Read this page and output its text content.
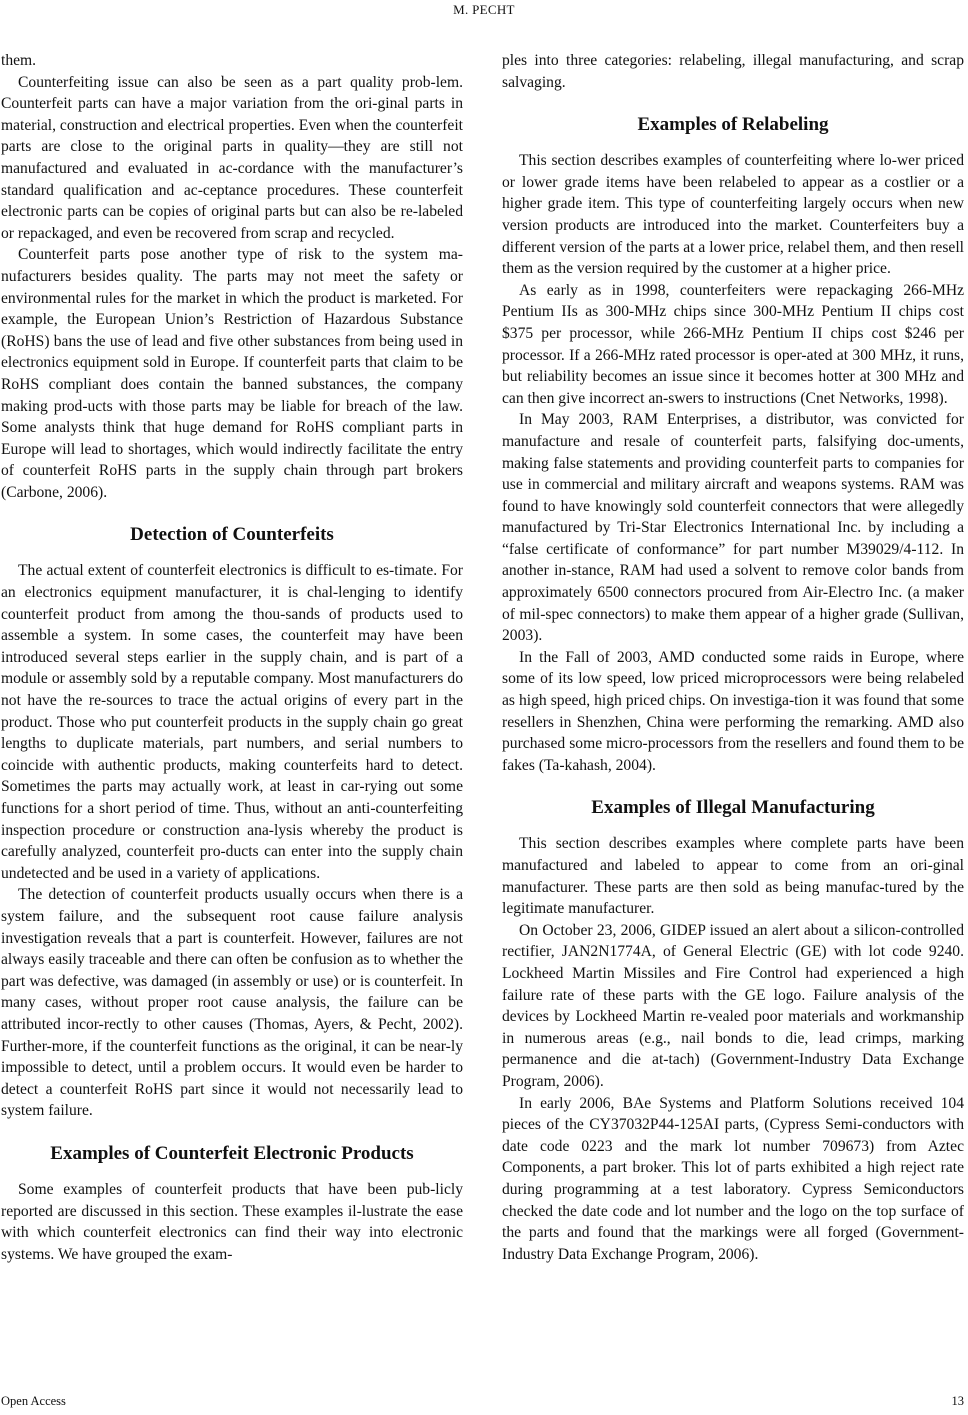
M. PECHT

them.

Counterfeiting issue can also be seen as a part quality prob-lem. Counterfeit parts can have a major variation from the ori-ginal parts in material, construction and electrical properties. Even when the counterfeit parts are close to the original parts in quality—they are still not manufactured and evaluated in ac-cordance with the manufacturer’s standard qualification and ac-ceptance procedures. These counterfeit electronic parts can be copies of original parts but can also be re-labeled or repackaged, and even be recovered from scrap and recycled.

Counterfeit parts pose another type of risk to the system ma-nufacturers besides quality. The parts may not meet the safety or environmental rules for the market in which the product is marketed. For example, the European Union’s Restriction of Hazardous Substance (RoHS) bans the use of lead and five other substances from being used in electronics equipment sold in Europe. If counterfeit parts that claim to be RoHS compliant does contain the banned substances, the company making prod-ucts with those parts may be liable for breach of the law. Some analysts think that huge demand for RoHS compliant parts in Europe will lead to shortages, which would indirectly facilitate the entry of counterfeit RoHS parts in the supply chain through part brokers (Carbone, 2006).

Detection of Counterfeits

The actual extent of counterfeit electronics is difficult to es-timate. For an electronics equipment manufacturer, it is chal-lenging to identify counterfeit product from among the thou-sands of products used to assemble a system. In some cases, the counterfeit may have been introduced several steps earlier in the supply chain, and is part of a module or assembly sold by a reputable company. Most manufacturers do not have the re-sources to trace the actual origins of every part in the product. Those who put counterfeit products in the supply chain go great lengths to duplicate materials, part numbers, and serial numbers to coincide with authentic products, making counterfeits hard to detect. Sometimes the parts may actually work, at least in car-rying out some functions for a short period of time. Thus, without an anti-counterfeiting inspection procedure or construction ana-lysis whereby the product is carefully analyzed, counterfeit pro-ducts can enter into the supply chain undetected and be used in a variety of applications.

The detection of counterfeit products usually occurs when there is a system failure, and the subsequent root cause failure analysis investigation reveals that a part is counterfeit. However, failures are not always easily traceable and there can often be confusion as to whether the part was defective, was damaged (in assembly or use) or is counterfeit. In many cases, without proper root cause analysis, the failure can be attributed incor-rectly to other causes (Thomas, Ayers, & Pecht, 2002). Further-more, if the counterfeit functions as the original, it can be near-ly impossible to detect, until a problem occurs. It would even be harder to detect a counterfeit RoHS part since it would not necessarily lead to system failure.

Examples of Counterfeit Electronic Products

Some examples of counterfeit products that have been pub-licly reported are discussed in this section. These examples il-lustrate the ease with which counterfeit electronics can find their way into electronic systems. We have grouped the exam-

ples into three categories: relabeling, illegal manufacturing, and scrap salvaging.

Examples of Relabeling

This section describes examples of counterfeiting where lo-wer priced or lower grade items have been relabeled to appear as a costlier or a higher grade item. This type of counterfeiting largely occurs when new version products are introduced into the market. Counterfeiters buy a different version of the parts at a lower price, relabel them, and then resell them as the version required by the customer at a higher price.

As early as in 1998, counterfeiters were repackaging 266-MHz Pentium IIs as 300-MHz chips since 300-MHz Pentium II chips cost $375 per processor, while 266-MHz Pentium II chips cost $246 per processor. If a 266-MHz rated processor is oper-ated at 300 MHz, it runs, but reliability becomes an issue since it becomes hotter at 300 MHz and can then give incorrect an-swers to instructions (Cnet Networks, 1998).

In May 2003, RAM Enterprises, a distributor, was convicted for manufacture and resale of counterfeit parts, falsifying doc-uments, making false statements and providing counterfeit parts to companies for use in commercial and military aircraft and weapons systems. RAM was found to have knowingly sold counterfeit connectors that were allegedly manufactured by Tri-Star Electronics International Inc. by including a “false certificate of conformance” for part number M39029/4-112. In another in-stance, RAM had used a solvent to remove color bands from approximately 6500 connectors procured from Air-Electro Inc. (a maker of mil-spec connectors) to make them appear of a higher grade (Sullivan, 2003).

In the Fall of 2003, AMD conducted some raids in Europe, where some of its low speed, low priced microprocessors were being relabeled as high speed, high priced chips. On investiga-tion it was found that some resellers in Shenzhen, China were performing the remarking. AMD also purchased some micro-processors from the resellers and found them to be fakes (Ta-kahash, 2004).

Examples of Illegal Manufacturing

This section describes examples where complete parts have been manufactured and labeled to appear to come from an ori-ginal manufacturer. These parts are then sold as being manufac-tured by the legitimate manufacturer.

On October 23, 2006, GIDEP issued an alert about a silicon-controlled rectifier, JAN2N1774A, of General Electric (GE) with lot code 9240. Lockheed Martin Missiles and Fire Control had experienced a high failure rate of these parts with the GE logo. Failure analysis of the devices by Lockheed Martin re-vealed poor materials and workmanship in numerous areas (e.g., nail bonds to die, lead crimps, marking permanence and die at-tach) (Government-Industry Data Exchange Program, 2006).

In early 2006, BAe Systems and Platform Solutions received 104 pieces of the CY37032P44-125AI parts, (Cypress Semi-conductors with date code 0223 and the mark lot number 709673) from Aztec Components, a part broker. This lot of parts exhibited a high reject rate during programming at a test laboratory. Cypress Semiconductors checked the date code and lot number and the logo on the top surface of the parts and found that the markings were all forged (Government-Industry Data Exchange Program, 2006).

Open Access	13
